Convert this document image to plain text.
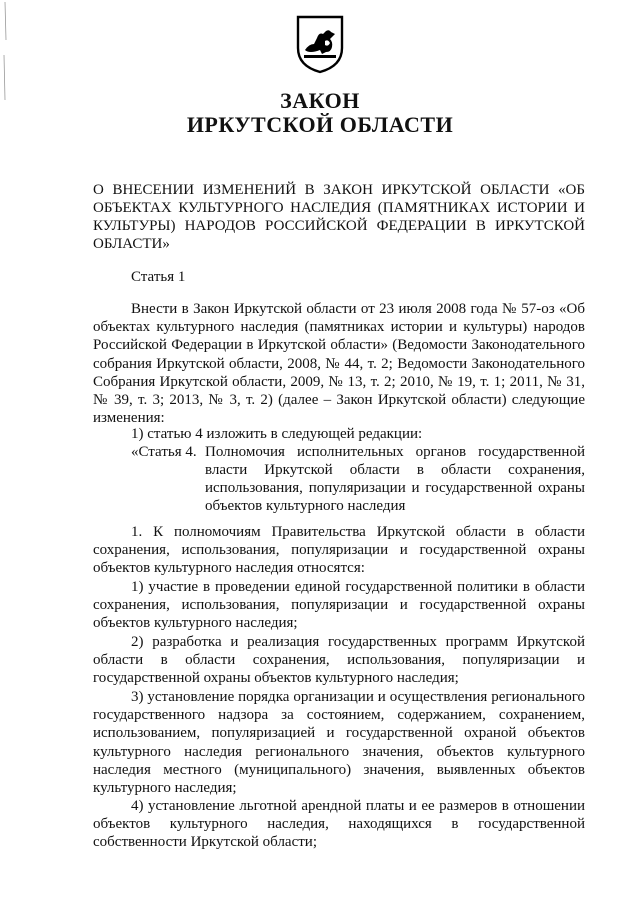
ЗАКОН
ИРКУТСКОЙ ОБЛАСТИ
О ВНЕСЕНИИ ИЗМЕНЕНИЙ В ЗАКОН ИРКУТСКОЙ ОБЛАСТИ «ОБ ОБЪЕКТАХ КУЛЬТУРНОГО НАСЛЕДИЯ (ПАМЯТНИКАХ ИСТОРИИ И КУЛЬТУРЫ) НАРОДОВ РОССИЙСКОЙ ФЕДЕРАЦИИ В ИРКУТСКОЙ ОБЛАСТИ»
Статья 1
Внести в Закон Иркутской области от 23 июля 2008 года № 57-оз «Об объектах культурного наследия (памятниках истории и культуры) народов Российской Федерации в Иркутской области» (Ведомости Законодательного собрания Иркутской области, 2008, № 44, т. 2; Ведомости Законодательного Собрания Иркутской области, 2009, № 13, т. 2; 2010, № 19, т. 1; 2011, № 31, № 39, т. 3; 2013, № 3, т. 2) (далее – Закон Иркутской области) следующие изменения:
1) статью 4 изложить в следующей редакции:
«Статья 4. Полномочия исполнительных органов государственной власти Иркутской области в области сохранения, использования, популяризации и государственной охраны объектов культурного наследия
1. К полномочиям Правительства Иркутской области в области сохранения, использования, популяризации и государственной охраны объектов культурного наследия относятся:
1) участие в проведении единой государственной политики в области сохранения, использования, популяризации и государственной охраны объектов культурного наследия;
2) разработка и реализация государственных программ Иркутской области в области сохранения, использования, популяризации и государственной охраны объектов культурного наследия;
3) установление порядка организации и осуществления регионального государственного надзора за состоянием, содержанием, сохранением, использованием, популяризацией и государственной охраной объектов культурного наследия регионального значения, объектов культурного наследия местного (муниципального) значения, выявленных объектов культурного наследия;
4) установление льготной арендной платы и ее размеров в отношении объектов культурного наследия, находящихся в государственной собственности Иркутской области;
